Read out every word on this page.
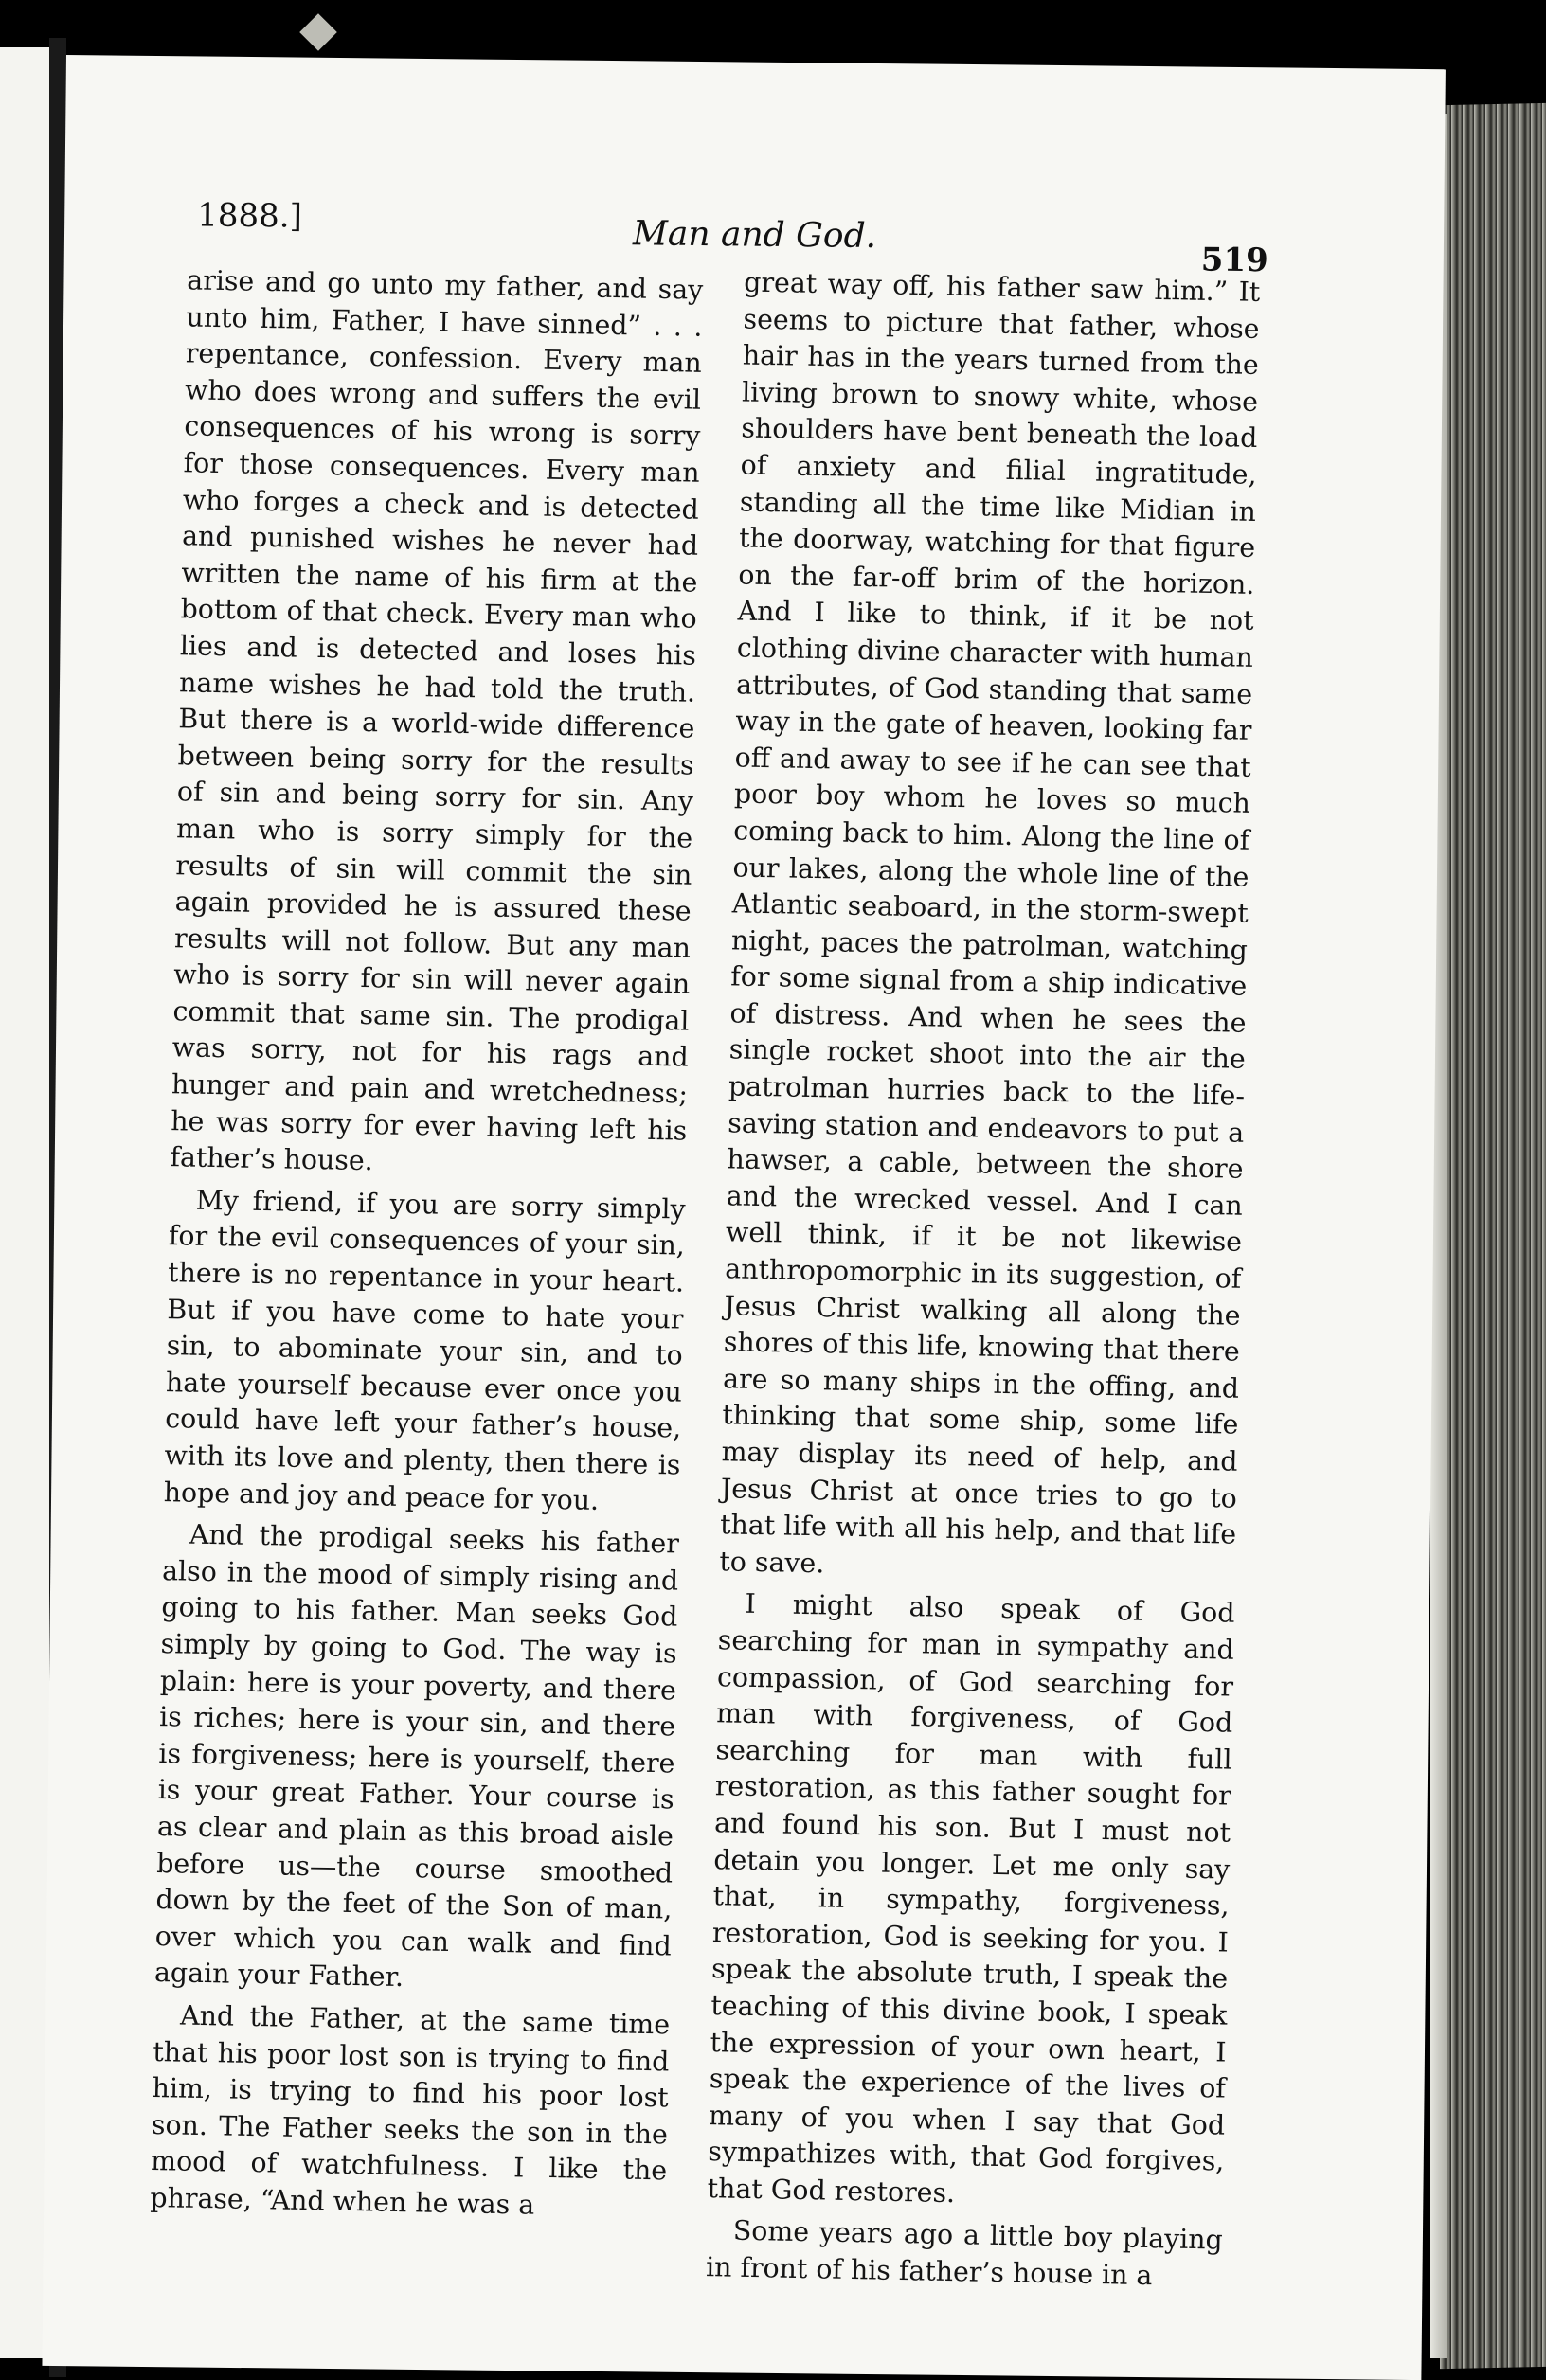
1888.]	Man and God.
519

arise and go unto my father, and say unto him, Father, I have sinned” . . . repentance, confession. Every man who does wrong and suffers the evil consequences of his wrong is sorry for those consequences. Every man who forges a check and is detected and punished wishes he never had written the name of his firm at the bottom of that check. Every man who lies and is detected and loses his name wishes he had told the truth. But there is a world-wide difference between being sorry for the results of sin and being sorry for sin. Any man who is sorry simply for the results of sin will commit the sin again provided he is assured these results will not follow. But any man who is sorry for sin will never again commit that same sin. The prodigal was sorry, not for his rags and hunger and pain and wretchedness; he was sorry for ever having left his father’s house.

My friend, if you are sorry simply for the evil consequences of your sin, there is no repentance in your heart. But if you have come to hate your sin, to abominate your sin, and to hate yourself because ever once you could have left your father’s house, with its love and plenty, then there is hope and joy and peace for you.

And the prodigal seeks his father also in the mood of simply rising and going to his father. Man seeks God simply by going to God. The way is plain: here is your poverty, and there is riches; here is your sin, and there is forgiveness; here is yourself, there is your great Father. Your course is as clear and plain as this broad aisle before us—the course smoothed down by the feet of the Son of man, over which you can walk and find again your Father.

And the Father, at the same time that his poor lost son is trying to find him, is trying to find his poor lost son. The Father seeks the son in the mood of watchfulness. I like the phrase, “And when he was a

great way off, his father saw him.” It seems to picture that father, whose hair has in the years turned from the living brown to snowy white, whose shoulders have bent beneath the load of anxiety and filial ingratitude, standing all the time like Midian in the doorway, watching for that figure on the far-off brim of the horizon. And I like to think, if it be not clothing divine character with human attributes, of God standing that same way in the gate of heaven, looking far off and away to see if he can see that poor boy whom he loves so much coming back to him. Along the line of our lakes, along the whole line of the Atlantic seaboard, in the storm-swept night, paces the patrolman, watching for some signal from a ship indicative of distress. And when he sees the single rocket shoot into the air the patrolman hurries back to the life-saving station and endeavors to put a hawser, a cable, between the shore and the wrecked vessel. And I can well think, if it be not likewise anthropomorphic in its suggestion, of Jesus Christ walking all along the shores of this life, knowing that there are so many ships in the offing, and thinking that some ship, some life may display its need of help, and Jesus Christ at once tries to go to that life with all his help, and that life to save.

I might also speak of God searching for man in sympathy and compassion, of God searching for man with forgiveness, of God searching for man with full restoration, as this father sought for and found his son. But I must not detain you longer. Let me only say that, in sympathy, forgiveness, restoration, God is seeking for you. I speak the absolute truth, I speak the teaching of this divine book, I speak the expression of your own heart, I speak the experience of the lives of many of you when I say that God sympathizes with, that God forgives, that God restores.

Some years ago a little boy playing in front of his father’s house in a
